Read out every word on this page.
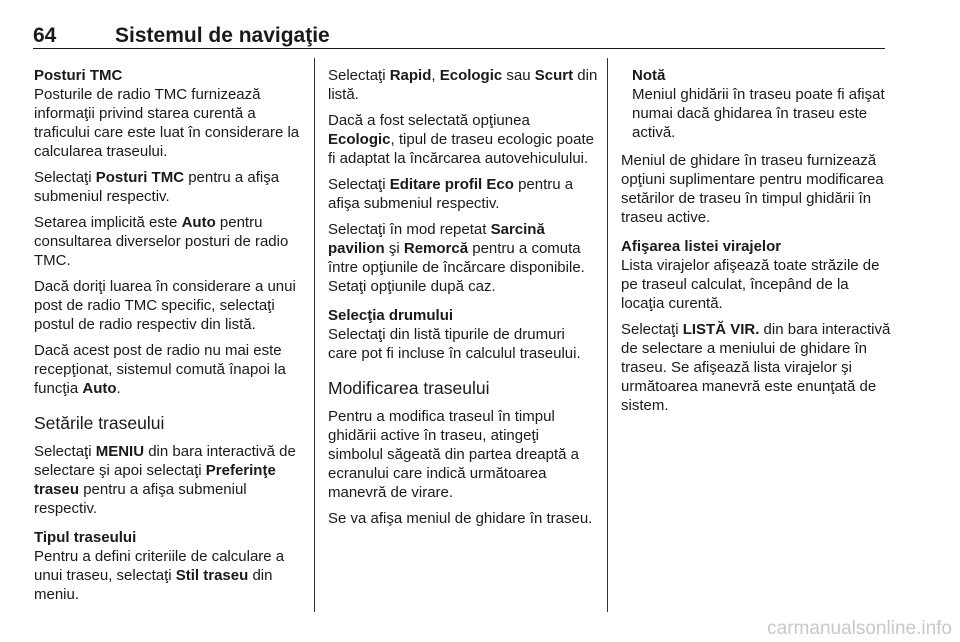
64	Sistemul de navigaţie

Posturi TMC

Posturile de radio TMC furnizează informaţii privind starea curentă a traficului care este luat în considerare la calcularea traseului.

Selectaţi Posturi TMC pentru a afişa submeniul respectiv.

Setarea implicită este Auto pentru consultarea diverselor posturi de radio TMC.

Dacă doriţi luarea în considerare a unui post de radio TMC specific, selectaţi postul de radio respectiv din listă.

Dacă acest post de radio nu mai este recepţionat, sistemul comută înapoi la funcţia Auto.

Setările traseului

Selectaţi MENIU din bara interactivă de selectare şi apoi selectaţi Preferinţe traseu pentru a afişa submeniul respectiv.

Tipul traseului

Pentru a defini criteriile de calculare a unui traseu, selectaţi Stil traseu din meniu.

Selectaţi Rapid, Ecologic sau Scurt din listă.

Dacă a fost selectată opţiunea Ecologic, tipul de traseu ecologic poate fi adaptat la încărcarea autovehiculului.

Selectaţi Editare profil Eco pentru a afişa submeniul respectiv.

Selectaţi în mod repetat Sarcină pavilion şi Remorcă pentru a comuta între opţiunile de încărcare disponibile. Setaţi opţiunile după caz.

Selecţia drumului

Selectaţi din listă tipurile de drumuri care pot fi incluse în calculul traseului.

Modificarea traseului

Pentru a modifica traseul în timpul ghidării active în traseu, atingeţi simbolul săgeată din partea dreaptă a ecranului care indică următoarea manevră de virare.

Se va afişa meniul de ghidare în traseu.

Notă
Meniul ghidării în traseu poate fi afişat numai dacă ghidarea în traseu este activă.

Meniul de ghidare în traseu furnizează opţiuni suplimentare pentru modificarea setărilor de traseu în timpul ghidării în traseu active.

Afişarea listei virajelor

Lista virajelor afişează toate străzile de pe traseul calculat, începând de la locaţia curentă.

Selectaţi LISTĂ VIR. din bara interactivă de selectare a meniului de ghidare în traseu. Se afişează lista virajelor şi următoarea manevră este enunţată de sistem.

carmanualsonline.info
